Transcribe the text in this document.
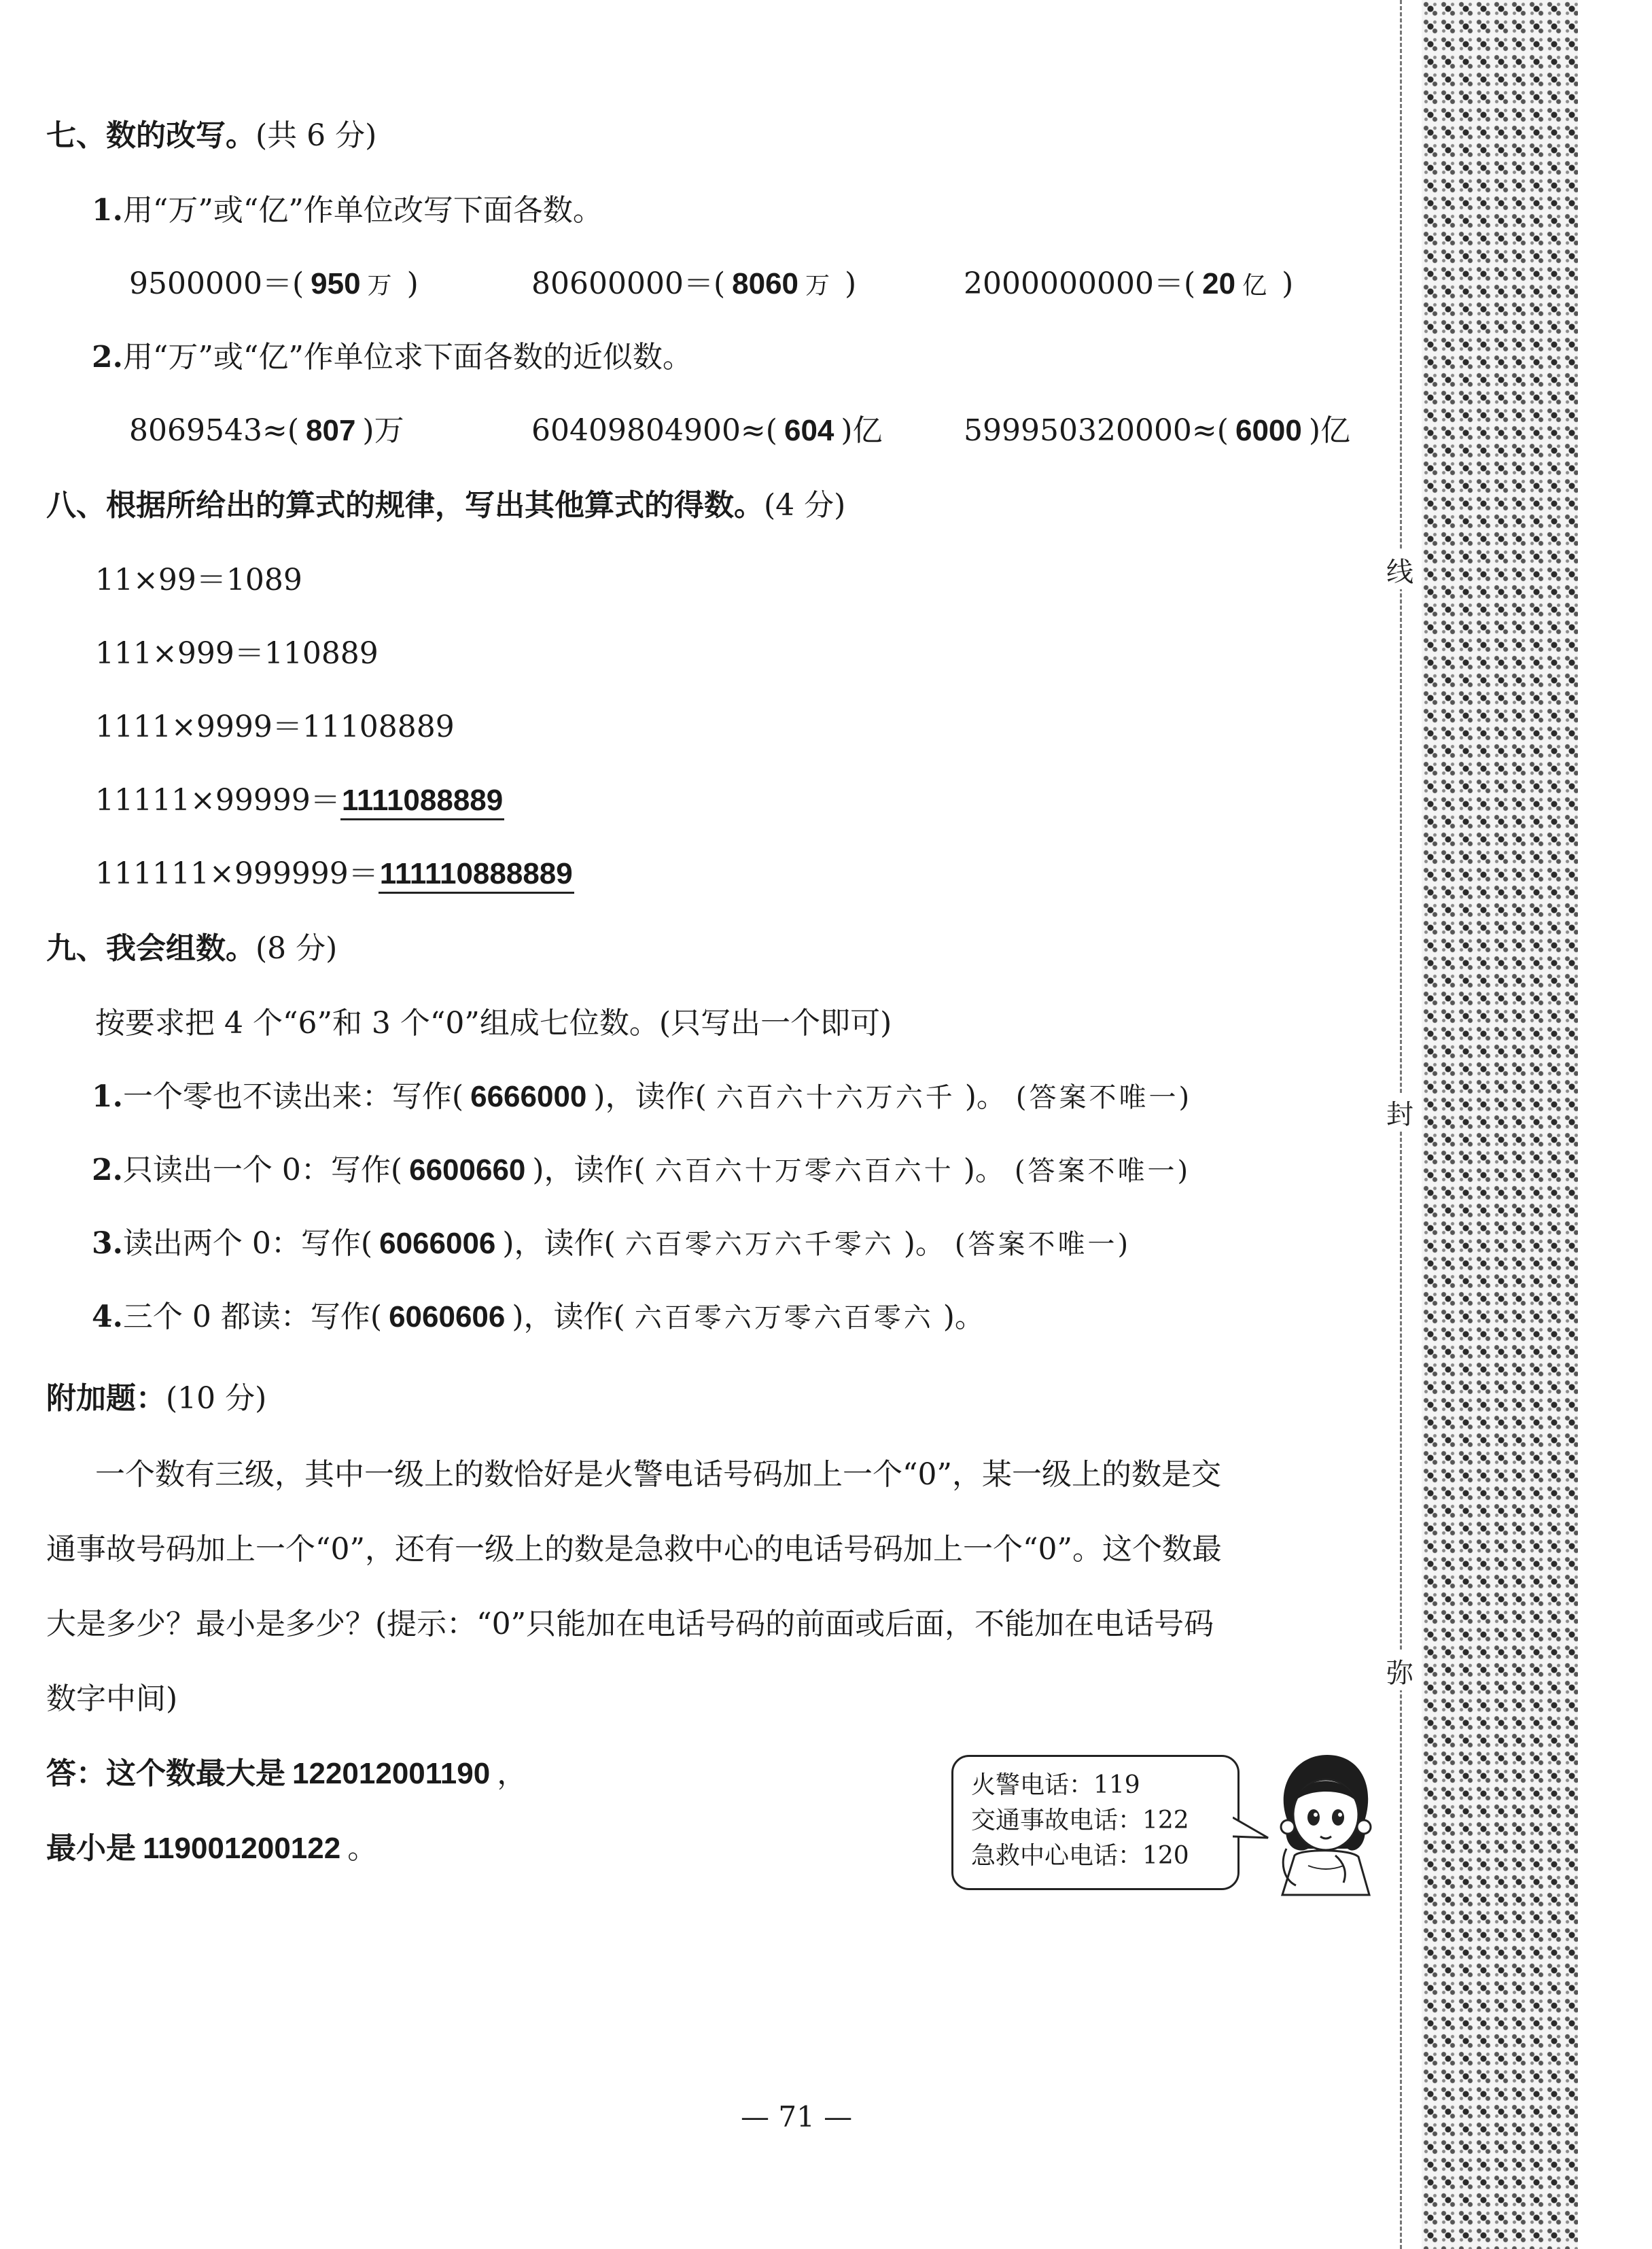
七、数的改写。(共 6 分)
1.用“万”或“亿”作单位改写下面各数。
9500000＝( 950 万 )	80600000＝( 8060 万 )	2000000000＝( 20 亿 )
2.用“万”或“亿”作单位求下面各数的近似数。
8069543≈( 807 )万	60409804900≈( 604 )亿	599950320000≈( 6000 )亿
八、根据所给出的算式的规律，写出其他算式的得数。(4 分)
11×99＝1089
111×999＝110889
1111×9999＝11108889
11111×99999＝1111088889
111111×999999＝111110888889
九、我会组数。(8 分)
按要求把 4 个“6”和 3 个“0”组成七位数。(只写出一个即可)
1.一个零也不读出来：写作( 6666000 )，读作( 六百六十六万六千 )。 (答案不唯一)
2.只读出一个 0：写作( 6600660 )，读作( 六百六十万零六百六十 )。 (答案不唯一)
3.读出两个 0：写作( 6066006 )，读作( 六百零六万六千零六 )。 (答案不唯一)
4.三个 0 都读：写作( 6060606 )，读作( 六百零六万零六百零六 )。
附加题：(10 分)
一个数有三级，其中一级上的数恰好是火警电话号码加上一个“0”，某一级上的数是交
通事故号码加上一个“0”，还有一级上的数是急救中心的电话号码加上一个“0”。这个数最
大是多少？最小是多少？(提示：“0”只能加在电话号码的前面或后面，不能加在电话号码
数字中间)
答：这个数最大是 122012001190 ，
最小是 119001200122 。
火警电话：119
交通事故电话：122
急救中心电话：120
— 71 —
线
封
弥
